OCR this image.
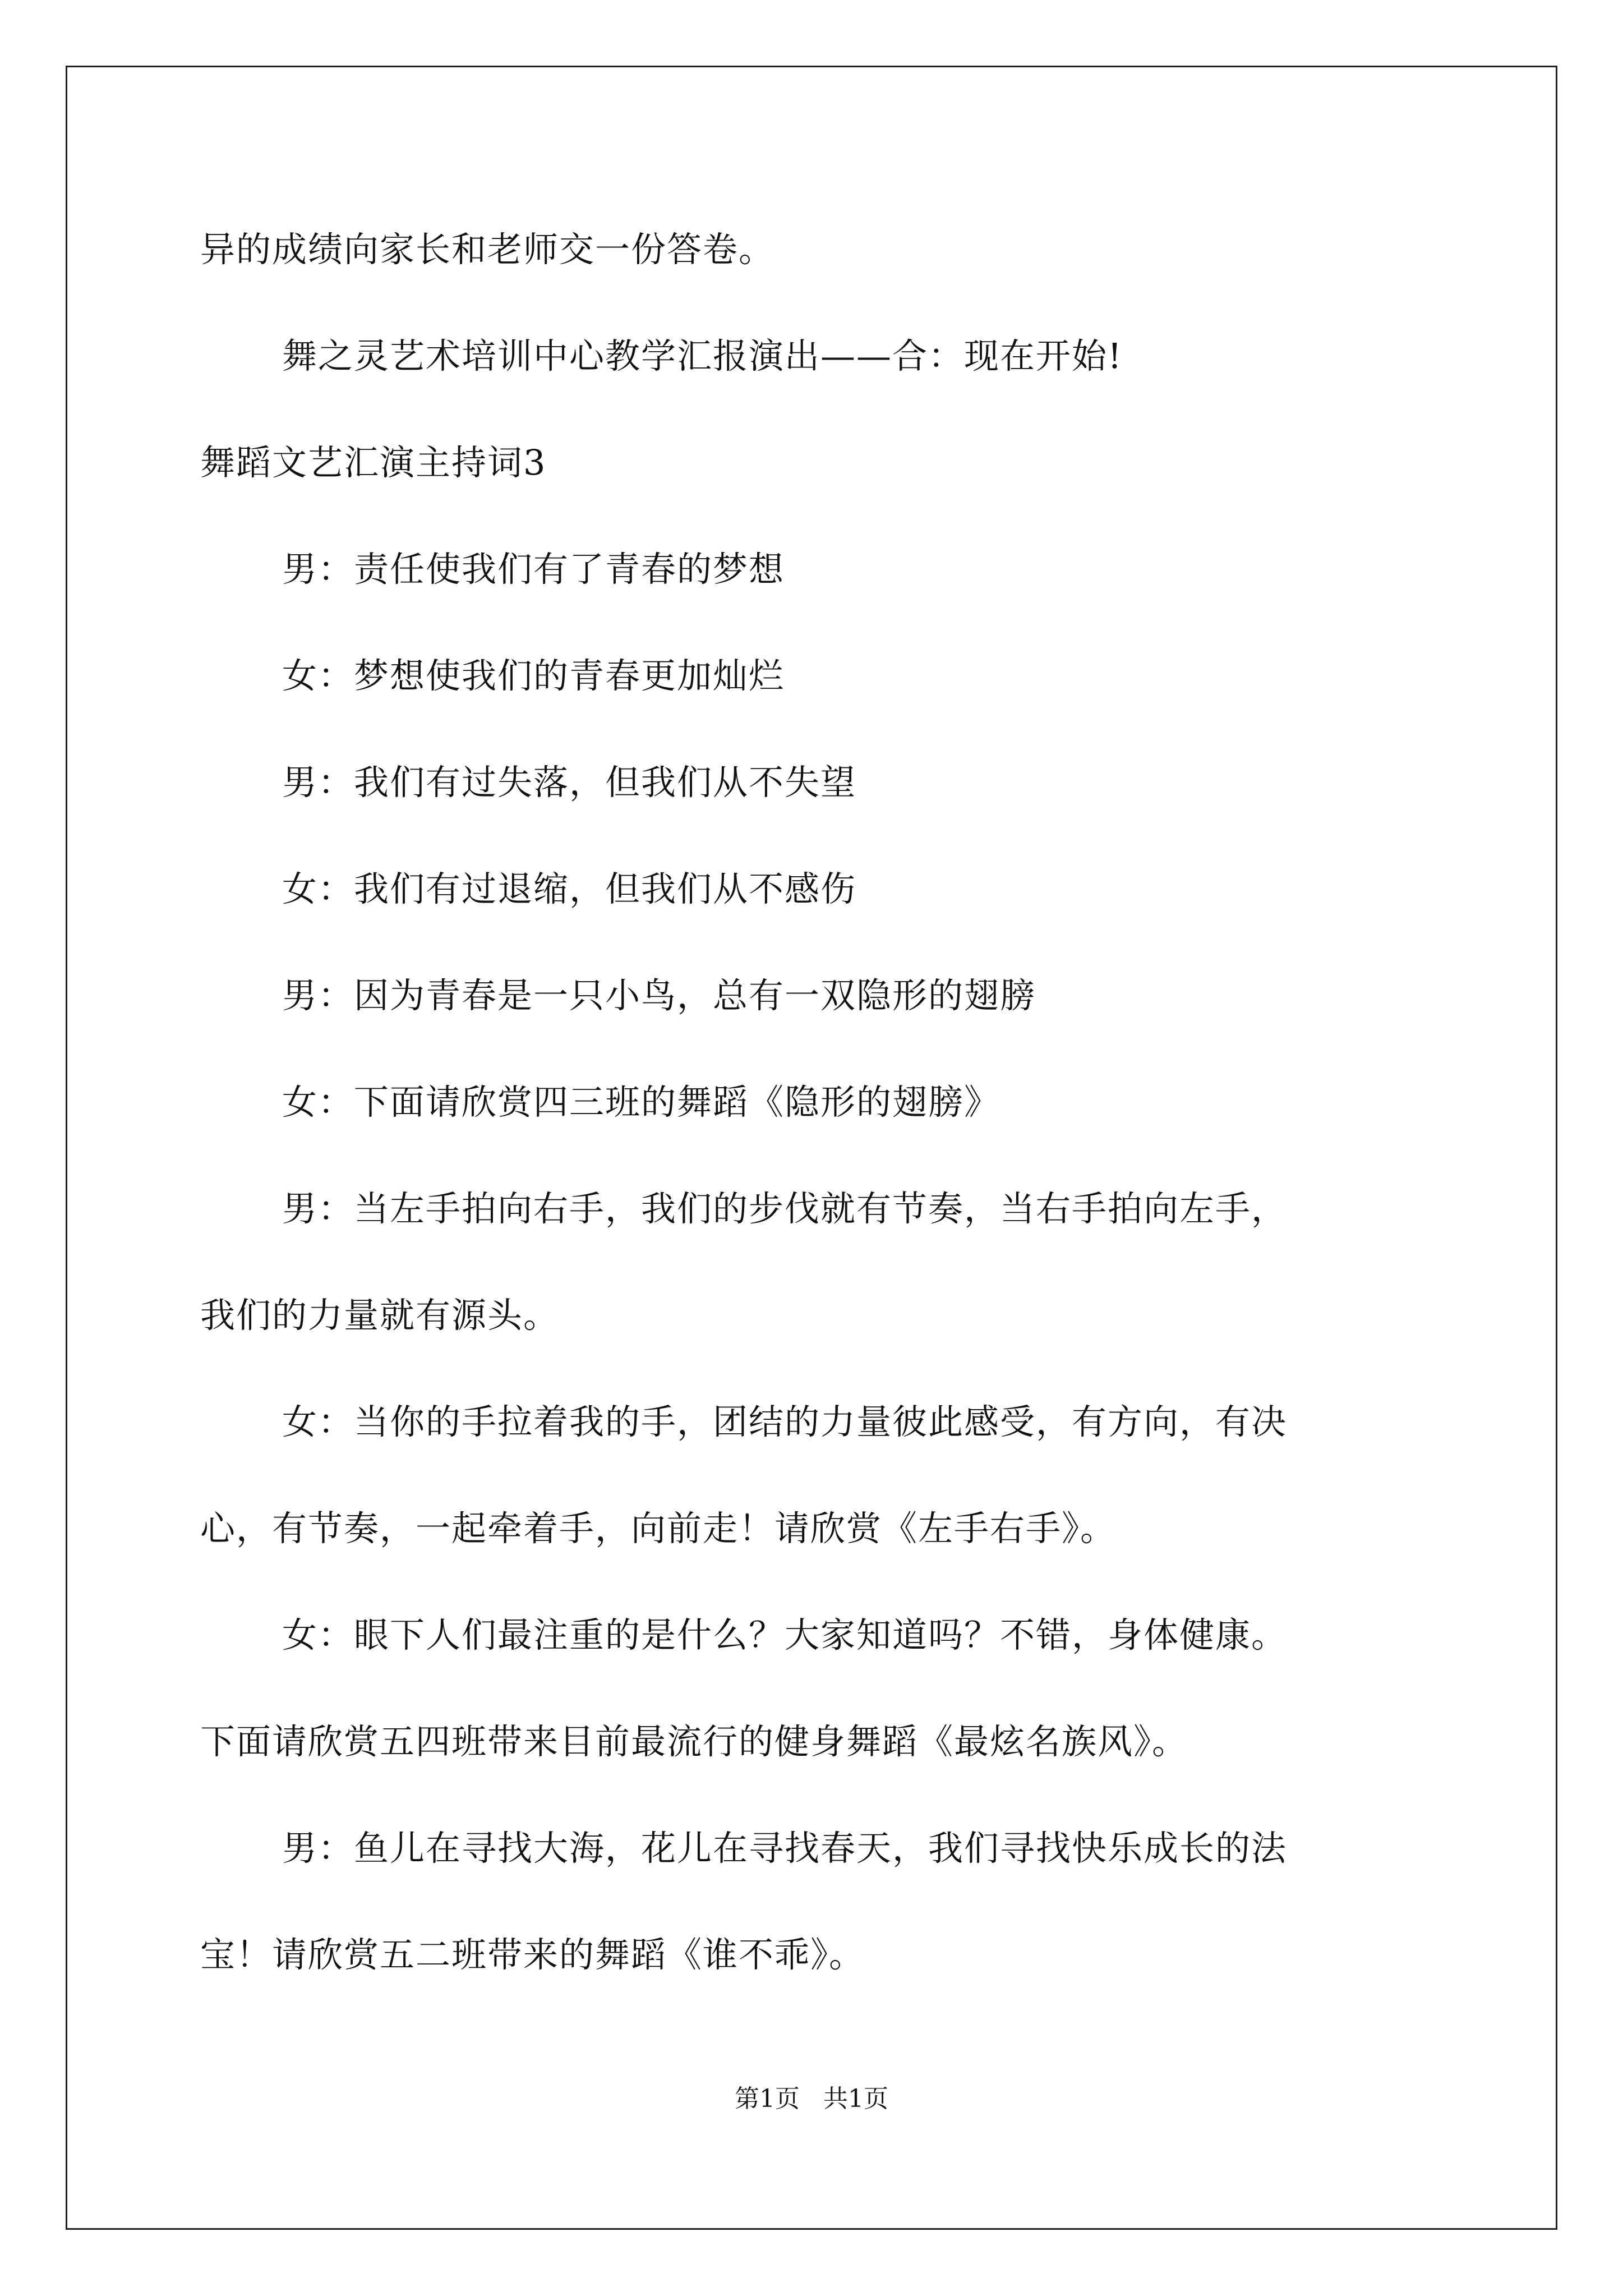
异的成绩向家长和老师交一份答卷。
舞之灵艺术培训中心教学汇报演出——合：现在开始!
舞蹈文艺汇演主持词3
男：责任使我们有了青春的梦想
女：梦想使我们的青春更加灿烂
男：我们有过失落，但我们从不失望
女：我们有过退缩，但我们从不感伤
男：因为青春是一只小鸟，总有一双隐形的翅膀
女：下面请欣赏四三班的舞蹈《隐形的翅膀》
男：当左手拍向右手，我们的步伐就有节奏，当右手拍向左手，
我们的力量就有源头。
女：当你的手拉着我的手，团结的力量彼此感受，有方向，有决
心，有节奏，一起牵着手，向前走！请欣赏《左手右手》。
女：眼下人们最注重的是什么？大家知道吗？不错，身体健康。
下面请欣赏五四班带来目前最流行的健身舞蹈《最炫名族风》。
男：鱼儿在寻找大海，花儿在寻找春天，我们寻找快乐成长的法
宝！请欣赏五二班带来的舞蹈《谁不乖》。
第1页   共1页
